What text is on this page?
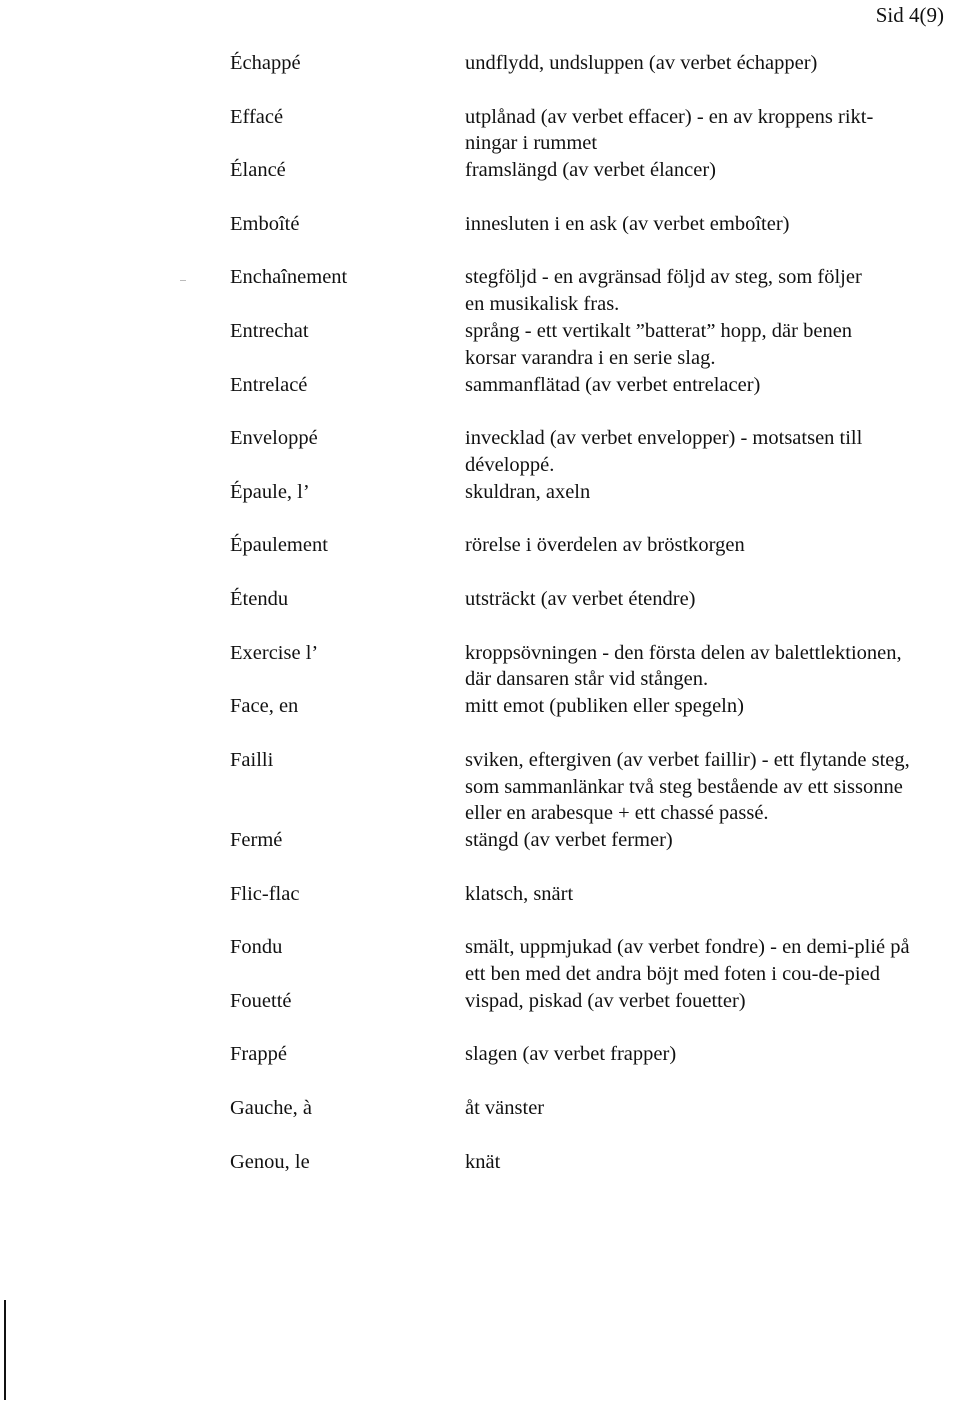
Sid 4(9)
Échappé	undflydd, undsluppen (av verbet échapper)
Effacé	utplånad (av verbet effacer) - en av kroppens rikt-
ningar i rummet
Élancé	framslängd (av verbet élancer)
Emboîté	innesluten i en ask (av verbet emboîter)
Enchaînement	stegföljd - en avgränsad följd av steg, som följer
en musikalisk fras.
Entrechat	språng - ett vertikalt ”batterat” hopp, där benen
korsar varandra i en serie slag.
Entrelacé	sammanflätad (av verbet entrelacer)
Enveloppé	invecklad (av verbet envelopper) - motsatsen till
développé.
Épaule, l’	skuldran, axeln
Épaulement	rörelse i överdelen av bröstkorgen
Étendu	utsträckt (av verbet étendre)
Exercise l’	kroppsövningen - den första delen av balettlektionen,
där dansaren står vid stången.
Face, en	mitt emot (publiken eller spegeln)
Failli	sviken, eftergiven (av verbet faillir) - ett flytande steg,
som sammanlänkar två steg bestående av ett sissonne
eller en arabesque + ett chassé passé.
Fermé	stängd (av verbet fermer)
Flic-flac	klatsch, snärt
Fondu	smält, uppmjukad (av verbet fondre) - en demi-plié på
ett ben med det andra böjt med foten i cou-de-pied
Fouetté	vispad, piskad (av verbet fouetter)
Frappé	slagen (av verbet frapper)
Gauche, à	åt vänster
Genou, le	knät
